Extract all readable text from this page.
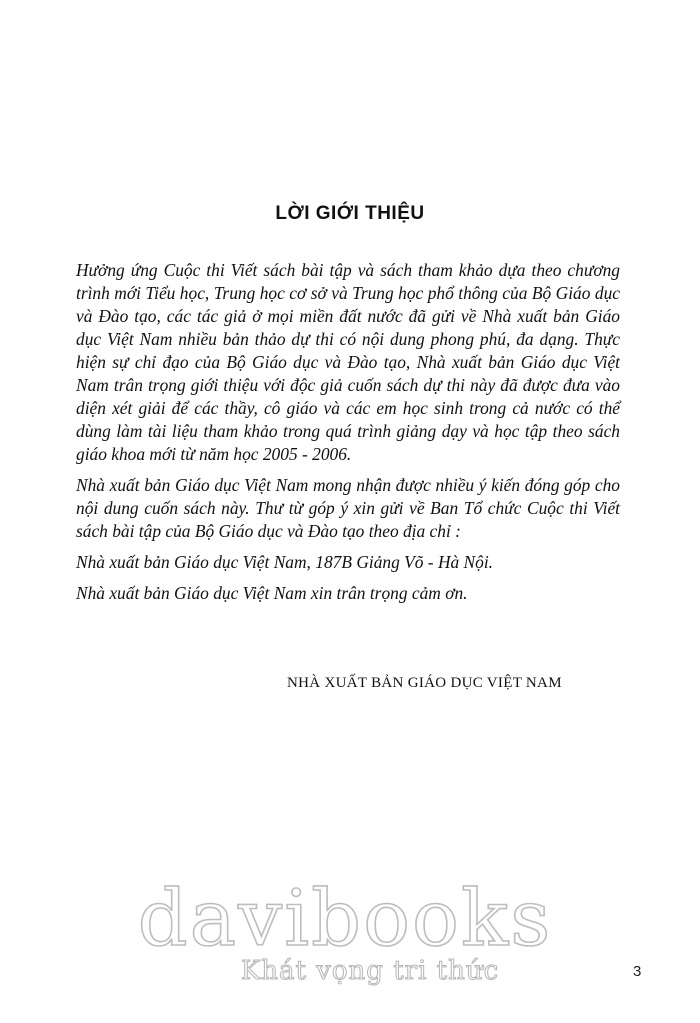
LỜI GIỚI THIỆU

Hưởng ứng Cuộc thi Viết sách bài tập và sách tham khảo dựa theo chương trình mới Tiểu học, Trung học cơ sở và Trung học phổ thông của Bộ Giáo dục và Đào tạo, các tác giả ở mọi miền đất nước đã gửi về Nhà xuất bản Giáo dục Việt Nam nhiều bản thảo dự thi có nội dung phong phú, đa dạng. Thực hiện sự chỉ đạo của Bộ Giáo dục và Đào tạo, Nhà xuất bản Giáo dục Việt Nam trân trọng giới thiệu với độc giả cuốn sách dự thi này đã được đưa vào diện xét giải để các thầy, cô giáo và các em học sinh trong cả nước có thể dùng làm tài liệu tham khảo trong quá trình giảng dạy và học tập theo sách giáo khoa mới từ năm học 2005 - 2006.

Nhà xuất bản Giáo dục Việt Nam mong nhận được nhiều ý kiến đóng góp cho nội dung cuốn sách này. Thư từ góp ý xin gửi về Ban Tổ chức Cuộc thi Viết sách bài tập của Bộ Giáo dục và Đào tạo theo địa chỉ :

Nhà xuất bản Giáo dục Việt Nam, 187B Giảng Võ - Hà Nội.

Nhà xuất bản Giáo dục Việt Nam xin trân trọng cảm ơn.

NHÀ XUẤT BẢN GIÁO DỤC VIỆT NAM
davibooks
Khát vọng tri thức	3
